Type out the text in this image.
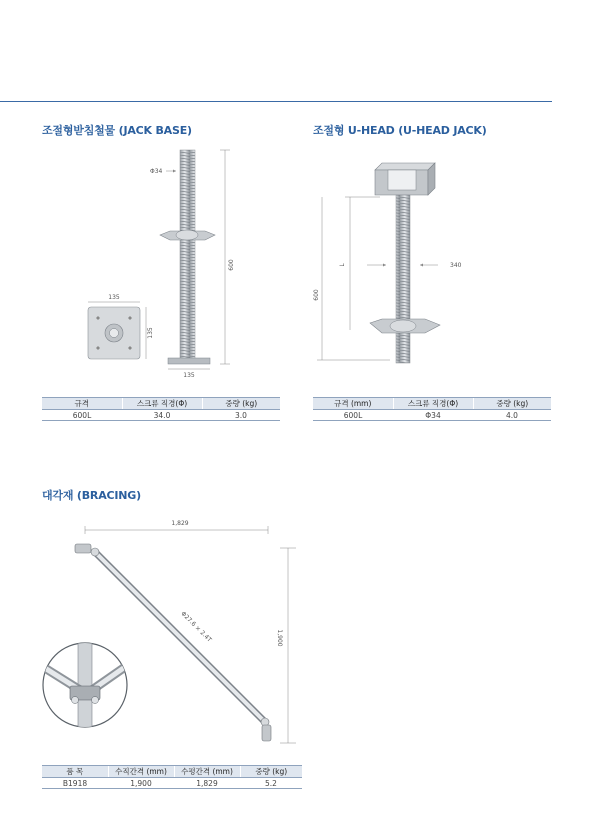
조절형받침철물 (JACK BASE)
600
Φ34
135
135
135
규격	스크류 직경(Φ)	중량 (kg)
600L	34.0	3.0
조절형 U-HEAD (U-HEAD JACK)
L
600
340
규격 (mm)	스크류 직경(Φ)	중량 (kg)
600L	Φ34	4.0
대각재 (BRACING)
1,829
1,900
Φ27.6 × 2.4T
품 목	수직간격 (mm)	수평간격 (mm)	중량 (kg)
B1918	1,900	1,829	5.2
